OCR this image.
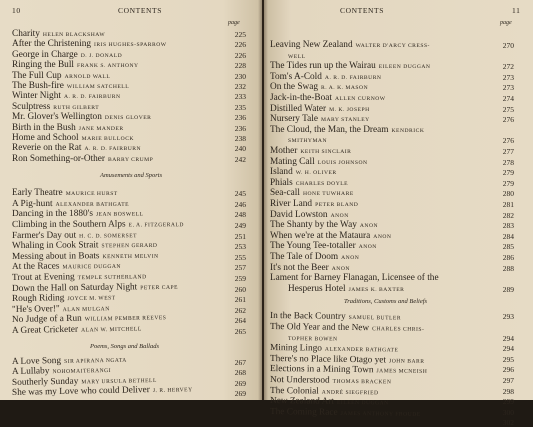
10	CONTENTS
page
Charity HELEN BLACKSHAW	225
After the Christening IRIS HUGHES-SPARROW	226
George in Charge D. J. DONALD	226
Ringing the Bull FRANK S. ANTHONY	228
The Full Cup ARNOLD WALL	230
The Bush-fire WILLIAM SATCHELL	232
Winter Night A. R. D. FAIRBURN	233
Sculptress RUTH GILBERT	235
Mr. Glover's Wellington DENIS GLOVER	236
Birth in the Bush JANE MANDER	236
Home and School MARIE BULLOCK	238
Reverie on the Rat A. R. D. FAIRBURN	240
Ron Something-or-Other BARRY CRUMP	242
Amusements and Sports
Early Theatre MAURICE HURST	245
A Pig-hunt ALEXANDER BATHGATE	246
Dancing in the 1880's JEAN BOSWELL	248
Climbing in the Southern Alps E. A. FITZGERALD	249
Farmer's Day out H. C. D. SOMERSET	251
Whaling in Cook Strait STEPHEN GERARD	253
Messing about in Boats KENNETH MELVIN	255
At the Races MAURICE DUGGAN	257
Trout at Evening TEMPLE SUTHERLAND	259
Down the Hall on Saturday Night PETER CAPE	260
Rough Riding JOYCE M. WEST	261
"He's Over!" ALAN MULGAN	262
No Judge of a Run WILLIAM PEMBER REEVES	264
A Great Cricketer ALAN W. MITCHELL	265
Poems, Songs and Ballads
A Love Song SIR APIRANA NGATA	267
A Lullaby NOHOMAITERANGI	268
Southerly Sunday MARY URSULA BETHELL	269
She was my Love who could Deliver J. R. HERVEY	269
CONTENTS	11
page
Leaving New Zealand WALTER D'ARCY CRESS-	270
WELL
The Tides run up the Wairau EILEEN DUGGAN	272
Tom's A-Cold A. R. D. FAIRBURN	273
On the Swag R. A. K. MASON	273
Jack-in-the-Boat ALLEN CURNOW	274
Distilled Water M. K. JOSEPH	275
Nursery Tale MARY STANLEY	276
The Cloud, the Man, the Dream KENDRICK
SMITHYMAN	276
Mother KEITH SINCLAIR	277
Mating Call LOUIS JOHNSON	278
Island W. H. OLIVER	279
Phials CHARLES DOYLE	279
Sea-call HONE TUWHARE	280
River Land PETER BLAND	281
David Lowston ANON	282
The Shanty by the Way ANON	283
When we're at the Mataura ANON	284
The Young Tee-totaller ANON	285
The Tale of Doom ANON	286
It's not the Beer ANON	288
Lament for Barney Flanagan, Licensee of the
Hesperus Hotel JAMES K. BAXTER	289
Traditions, Customs and Beliefs
In the Back Country SAMUEL BUTLER	293
The Old Year and the New CHARLES CHRIS-
TOPHER BOWEN	294
Mining Lingo ALEXANDER BATHGATE	294
There's no Place like Otago yet JOHN BARR	295
Elections in a Mining Town JAMES MCNEISH	296
Not Understood THOMAS BRACKEN	297
The Colonial ANDRÉ SIEGFRIED	298
New Zealand Art EILEEN DUGGAN	299
The Coming Race JAMES ANTHONY FROUDE	300
302
